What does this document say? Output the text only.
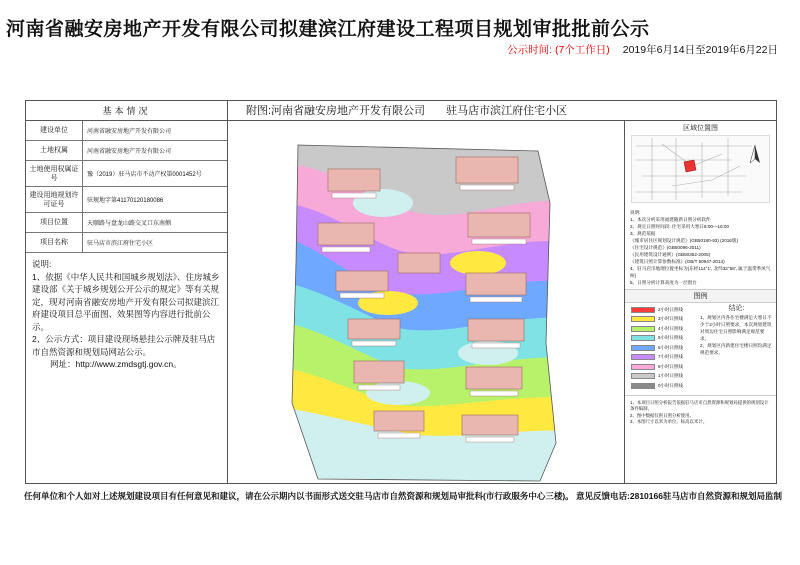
河南省融安房地产开发有限公司拟建滨江府建设工程项目规划审批批前公示
公示时间: (7个工作日) 2019年6月14日至2019年6月22日
基本情况
建设单位	河南省融安房地产开发有限公司
土地权属	河南省融安房地产开发有限公司
土地使用权属证号	豫（2019）驻马店市不动产权第0001452号
建设用地规划许可证号	驻规地字第41170120180086
项目位置	天顺路与盘龙山路交叉口东南侧
项目名称	驻马店市滨江府住宅小区

说明:

1、依据《中华人民共和国城乡规划法》、住房城乡建设部《关于城乡规划公开公示的规定》等有关规定，现对河南省融安房地产开发有限公司拟建滨江府建设项目总平面图、效果图等内容进行批前公示。

2、公示方式：项目建设现场悬挂公示牌及驻马店市自然资源和规划局网站公示。

网址：http://www.zmdsgtj.gov.cn。

附图:河南省融安房地产开发有限公司 驻马店市滨江府住宅小区
区域位置图
说明:
1、本次分析采用福建随新日照分析软件
2、规定日照时间段: 住宅采用大寒日8:00—16:00
3、规范依据
《城市居住区规划设计规范》(GB50180-93) (2016版)
《住宅设计规范》(GB50096-2011)
《民用建筑设计通则》(GB50352-2005)
《建筑日照计算参数标准》(GB/T 50947-2014)
4、驻马店市地理位置坐标为(东经114°1′, 北纬32°58′, 属于温带季风气候)
5、日照分析计算高度为一层窗台
图例
2小时日照线
3小时日照线
4小时日照线
5小时日照线
6小时日照线
7小时日照线
8小时日照线
1小时日照线
0小时日照线
结论:
1、规划区内各住宅楼满足大寒日不少于2小时日照要求，本次规划建筑对周边住宅日照影响满足规范要求。
2、规划区内新建住宅楼日照均满足规范要求。
1、本项目日照分析报告依据驻马店市自然资源和规划局提供的规划设计条件编制。
2、图中数据仅供日照分析使用。
3、本图尺寸以米为单位，标高以米计。
任何单位和个人如对上述规划建设项目有任何意见和建议，请在公示期内以书面形式送交驻马店市自然资源和规划局审批科(市行政服务中心三楼)。 意见反馈电话:2810166 驻马店市自然资源和规划局监制
